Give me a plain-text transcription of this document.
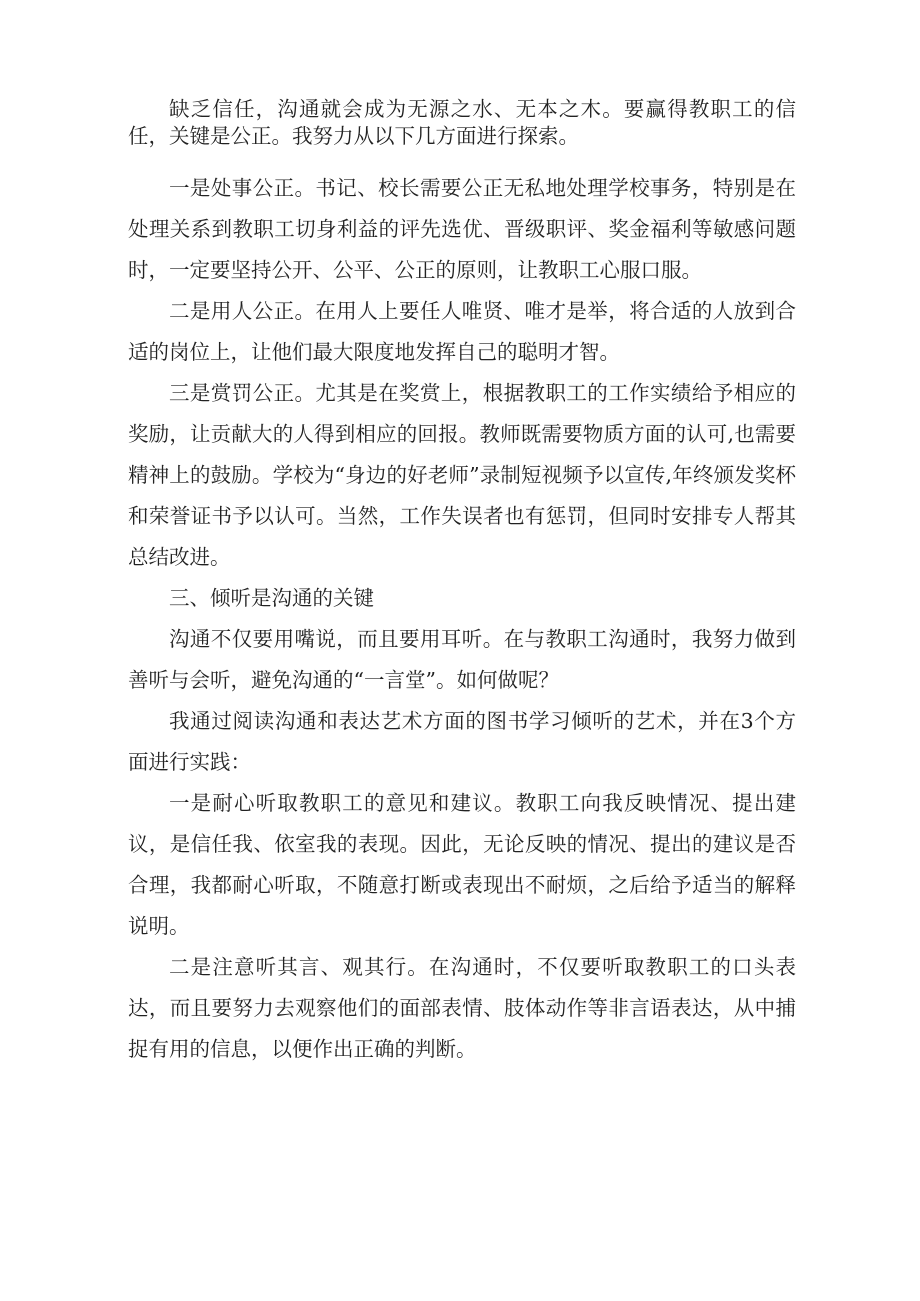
缺乏信任，沟通就会成为无源之水、无本之木。要赢得教职工的信任，关键是公正。我努力从以下几方面进行探索。

一是处事公正。书记、校长需要公正无私地处理学校事务，特别是在处理关系到教职工切身利益的评先选优、晋级职评、奖金福利等敏感问题时，一定要坚持公开、公平、公正的原则，让教职工心服口服。

二是用人公正。在用人上要任人唯贤、唯才是举，将合适的人放到合适的岗位上，让他们最大限度地发挥自己的聪明才智。

三是赏罚公正。尤其是在奖赏上，根据教职工的工作实绩给予相应的奖励，让贡献大的人得到相应的回报。教师既需要物质方面的认可,也需要精神上的鼓励。学校为“身边的好老师”录制短视频予以宣传,年终颁发奖杯和荣誉证书予以认可。当然，工作失误者也有惩罚，但同时安排专人帮其总结改进。

三、倾听是沟通的关键

沟通不仅要用嘴说，而且要用耳听。在与教职工沟通时，我努力做到善听与会听，避免沟通的“一言堂”。如何做呢？

我通过阅读沟通和表达艺术方面的图书学习倾听的艺术，并在3个方面进行实践：

一是耐心听取教职工的意见和建议。教职工向我反映情况、提出建议，是信任我、依室我的表现。因此，无论反映的情况、提出的建议是否合理，我都耐心听取，不随意打断或表现出不耐烦，之后给予适当的解释说明。

二是注意听其言、观其行。在沟通时，不仅要听取教职工的口头表达，而且要努力去观察他们的面部表情、肢体动作等非言语表达，从中捕捉有用的信息，以便作出正确的判断。
